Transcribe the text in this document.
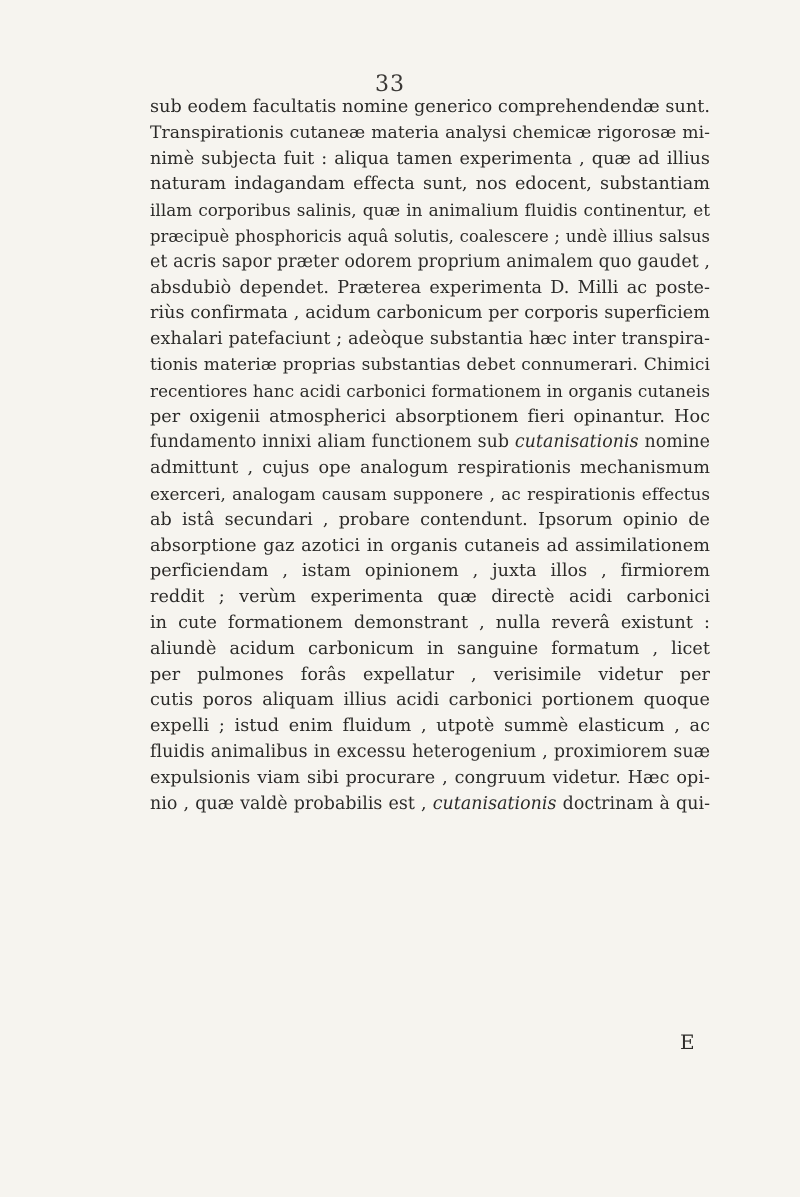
33
sub eodem facultatis nomine generico comprehendendæ sunt.
Transpirationis cutaneæ materia analysi chemicæ rigorosæ mi-
nimè subjecta fuit : aliqua tamen experimenta , quæ ad illius
naturam indagandam effecta sunt, nos edocent, substantiam
illam corporibus salinis, quæ in animalium fluidis continentur, et
præcipuè phosphoricis aquâ solutis, coalescere ; undè illius salsus
et acris sapor præter odorem proprium animalem quo gaudet ,
absdubiò dependet. Præterea experimenta D. Milli ac poste-
riùs confirmata , acidum carbonicum per corporis superficiem
exhalari patefaciunt ; adeòque substantia hæc inter transpira-
tionis materiæ proprias substantias debet connumerari. Chimici
recentiores hanc acidi carbonici formationem in organis cutaneis
per oxigenii atmospherici absorptionem fieri opinantur. Hoc
fundamento innixi aliam functionem sub cutanisationis nomine
admittunt , cujus ope analogum respirationis mechanismum
exerceri, analogam causam supponere , ac respirationis effectus
ab istâ secundari , probare contendunt. Ipsorum opinio de
absorptione gaz azotici in organis cutaneis ad assimilationem
perficiendam , istam opinionem , juxta illos , firmiorem
reddit ; verùm experimenta quæ directè acidi carbonici
in cute formationem demonstrant , nulla reverâ existunt :
aliundè acidum carbonicum in sanguine formatum , licet
per pulmones forâs expellatur , verisimile videtur per
cutis poros aliquam illius acidi carbonici portionem quoque
expelli ; istud enim fluidum , utpotè summè elasticum , ac
fluidis animalibus in excessu heterogenium , proximiorem suæ
expulsionis viam sibi procurare , congruum videtur. Hæc opi-
nio , quæ valdè probabilis est , cutanisationis doctrinam à qui-
E
